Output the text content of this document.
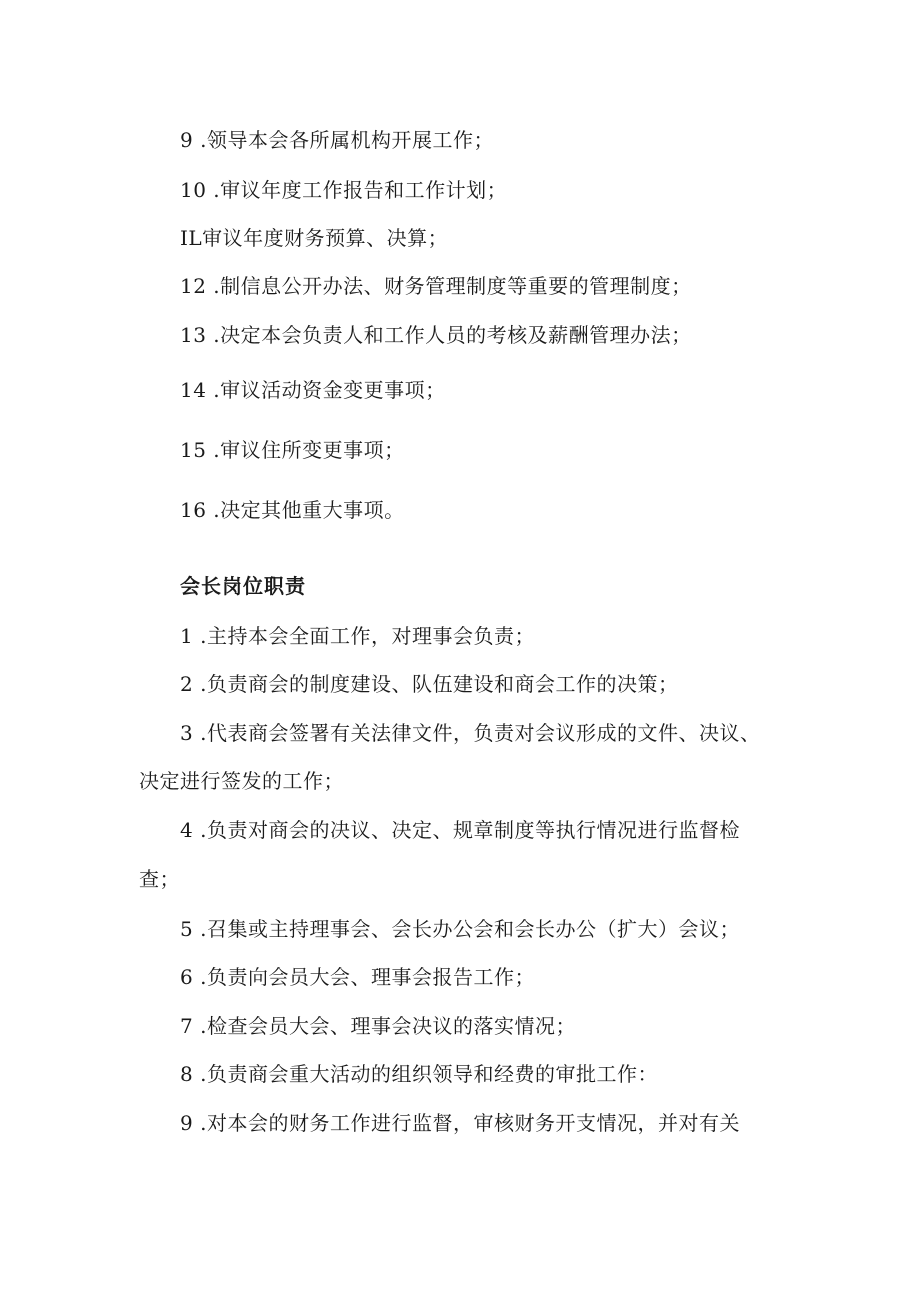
9 .领导本会各所属机构开展工作；
10 .审议年度工作报告和工作计划；
IL审议年度财务预算、决算；
12 .制信息公开办法、财务管理制度等重要的管理制度；
13 .决定本会负责人和工作人员的考核及薪酬管理办法；
14 .审议活动资金变更事项；
15 .审议住所变更事项；
16 .决定其他重大事项。
会长岗位职责
1 .主持本会全面工作，对理事会负责；
2 .负责商会的制度建设、队伍建设和商会工作的决策；
3 .代表商会签署有关法律文件，负责对会议形成的文件、决议、
决定进行签发的工作；
4 .负责对商会的决议、决定、规章制度等执行情况进行监督检
查；
5 .召集或主持理事会、会长办公会和会长办公（扩大）会议；
6 .负责向会员大会、理事会报告工作；
7 .检查会员大会、理事会决议的落实情况；
8 .负责商会重大活动的组织领导和经费的审批工作：
9 .对本会的财务工作进行监督，审核财务开支情况，并对有关
